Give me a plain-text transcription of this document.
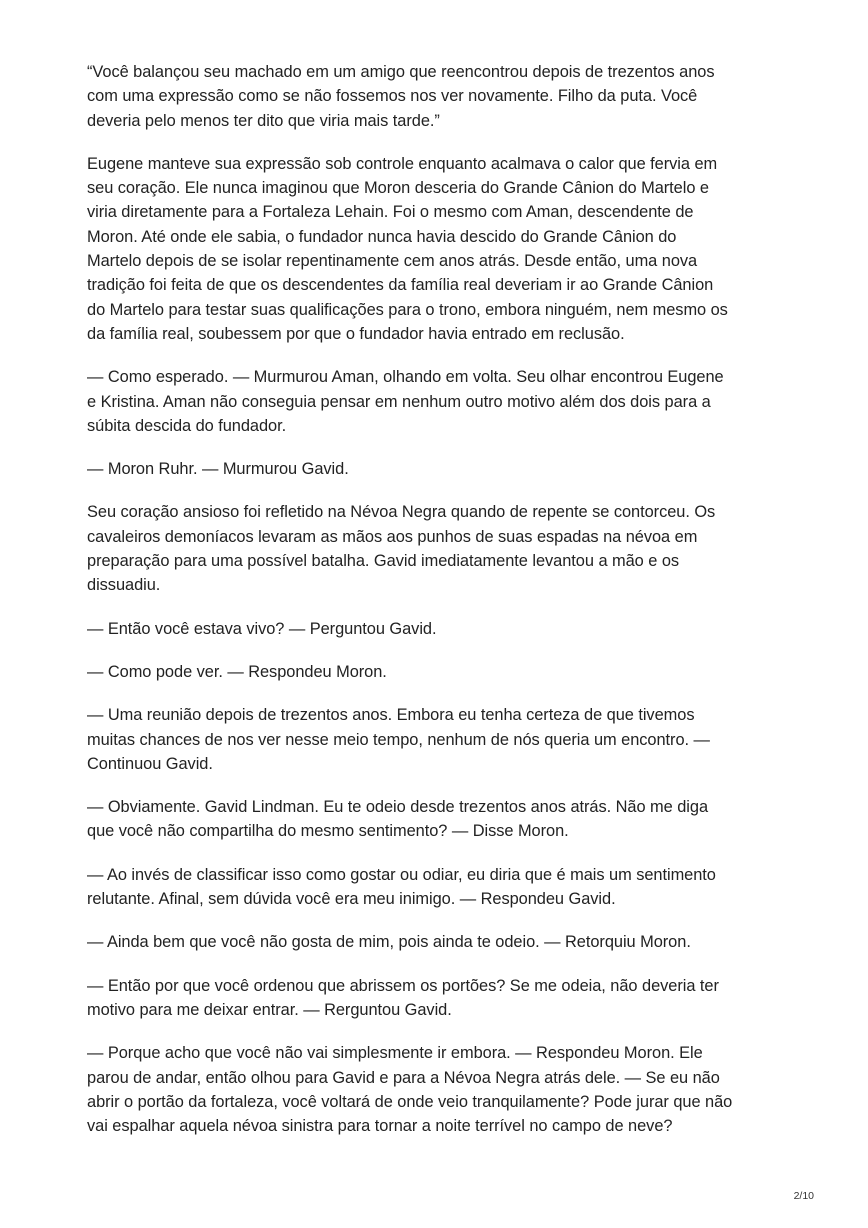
“Você balançou seu machado em um amigo que reencontrou depois de trezentos anos
com uma expressão como se não fossemos nos ver novamente. Filho da puta. Você
deveria pelo menos ter dito que viria mais tarde.”

Eugene manteve sua expressão sob controle enquanto acalmava o calor que fervia em
seu coração. Ele nunca imaginou que Moron desceria do Grande Cânion do Martelo e
viria diretamente para a Fortaleza Lehain. Foi o mesmo com Aman, descendente de
Moron. Até onde ele sabia, o fundador nunca havia descido do Grande Cânion do
Martelo depois de se isolar repentinamente cem anos atrás. Desde então, uma nova
tradição foi feita de que os descendentes da família real deveriam ir ao Grande Cânion
do Martelo para testar suas qualificações para o trono, embora ninguém, nem mesmo os
da família real, soubessem por que o fundador havia entrado em reclusão.

— Como esperado. — Murmurou Aman, olhando em volta. Seu olhar encontrou Eugene
e Kristina. Aman não conseguia pensar em nenhum outro motivo além dos dois para a
súbita descida do fundador.

— Moron Ruhr. — Murmurou Gavid.

Seu coração ansioso foi refletido na Névoa Negra quando de repente se contorceu. Os
cavaleiros demoníacos levaram as mãos aos punhos de suas espadas na névoa em
preparação para uma possível batalha. Gavid imediatamente levantou a mão e os
dissuadiu.

— Então você estava vivo? — Perguntou Gavid.

— Como pode ver. — Respondeu Moron.

— Uma reunião depois de trezentos anos. Embora eu tenha certeza de que tivemos
muitas chances de nos ver nesse meio tempo, nenhum de nós queria um encontro. —
Continuou Gavid.

— Obviamente. Gavid Lindman. Eu te odeio desde trezentos anos atrás. Não me diga
que você não compartilha do mesmo sentimento? — Disse Moron.

— Ao invés de classificar isso como gostar ou odiar, eu diria que é mais um sentimento
relutante. Afinal, sem dúvida você era meu inimigo. — Respondeu Gavid.

— Ainda bem que você não gosta de mim, pois ainda te odeio. — Retorquiu Moron.

— Então por que você ordenou que abrissem os portões? Se me odeia, não deveria ter
motivo para me deixar entrar. — Rerguntou Gavid.

— Porque acho que você não vai simplesmente ir embora. — Respondeu Moron. Ele
parou de andar, então olhou para Gavid e para a Névoa Negra atrás dele. — Se eu não
abrir o portão da fortaleza, você voltará de onde veio tranquilamente? Pode jurar que não
vai espalhar aquela névoa sinistra para tornar a noite terrível no campo de neve?

2/10
